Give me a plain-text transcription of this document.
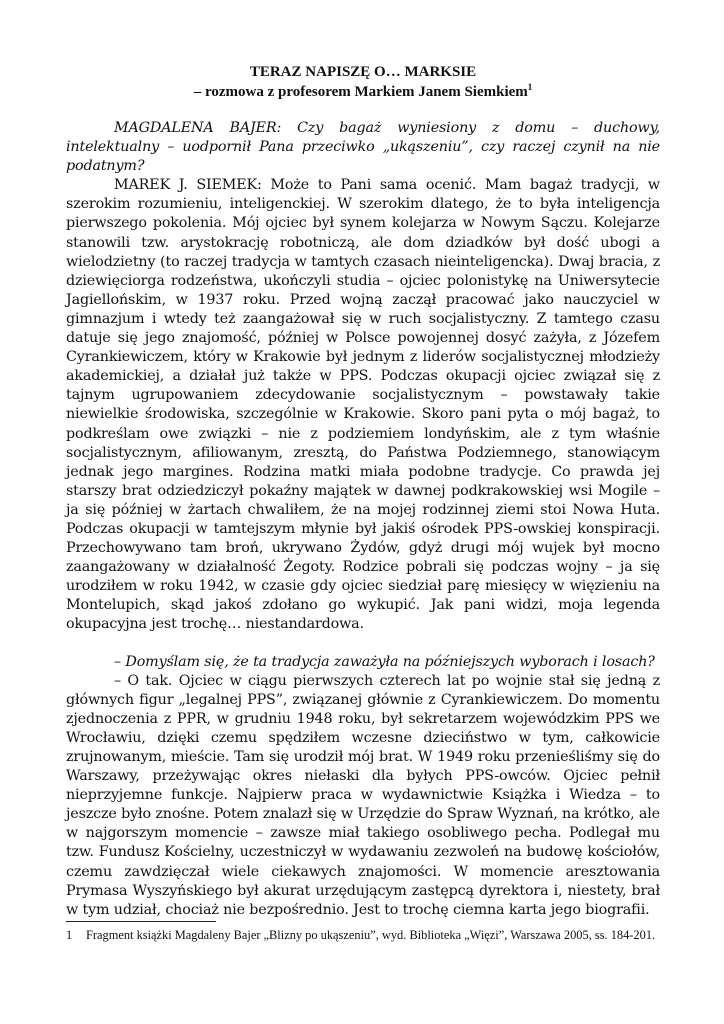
TERAZ NAPISZĘ O… MARKSIE
– rozmowa z profesorem Markiem Janem Siemkiem$^1$

MAGDALENA BAJER: Czy bagaż wyniesiony z domu – duchowy, intelektualny – uodpornił Pana przeciwko „ukąszeniu”, czy raczej czynił na nie podatnym?

MAREK J. SIEMEK: Może to Pani sama ocenić. Mam bagaż tradycji, w szerokim rozumieniu, inteligenckiej. W szerokim dlatego, że to była inteligencja pierwszego pokolenia. Mój ojciec był synem kolejarza w Nowym Sączu. Kolejarze stanowili tzw. arystokrację robotniczą, ale dom dziadków był dość ubogi a wielodzietny (to raczej tradycja w tamtych czasach nieinteligencka). Dwaj bracia, z dziewięciorga rodzeństwa, ukończyli studia – ojciec polonistykę na Uniwersytecie Jagiellońskim, w 1937 roku. Przed wojną zaczął pracować jako nauczyciel w gimnazjum i wtedy też zaangażował się w ruch socjalistyczny. Z tamtego czasu datuje się jego znajomość, później w Polsce powojennej dosyć zażyła, z Józefem Cyrankiewiczem, który w Krakowie był jednym z liderów socjalistycznej młodzieży akademickiej, a działał już także w PPS. Podczas okupacji ojciec związał się z tajnym ugrupowaniem zdecydowanie socjalistycznym – powstawały takie niewielkie środowiska, szczególnie w Krakowie. Skoro pani pyta o mój bagaż, to podkreślam owe związki – nie z podziemiem londyńskim, ale z tym właśnie socjalistycznym, afiliowanym, zresztą, do Państwa Podziemnego, stanowiącym jednak jego margines. Rodzina matki miała podobne tradycje. Co prawda jej starszy brat odziedziczył pokaźny majątek w dawnej podkrakowskiej wsi Mogile – ja się później w żartach chwaliłem, że na mojej rodzinnej ziemi stoi Nowa Huta. Podczas okupacji w tamtejszym młynie był jakiś ośrodek PPS-owskiej konspiracji. Przechowywano tam broń, ukrywano Żydów, gdyż drugi mój wujek był mocno zaangażowany w działalność Żegoty. Rodzice pobrali się podczas wojny – ja się urodziłem w roku 1942, w czasie gdy ojciec siedział parę miesięcy w więzieniu na Montelupich, skąd jakoś zdołano go wykupić. Jak pani widzi, moja legenda okupacyjna jest trochę… niestandardowa.

– Domyślam się, że ta tradycja zaważyła na późniejszych wyborach i losach?

– O tak. Ojciec w ciągu pierwszych czterech lat po wojnie stał się jedną z głównych figur „legalnej PPS”, związanej głównie z Cyrankiewiczem. Do momentu zjednoczenia z PPR, w grudniu 1948 roku, był sekretarzem wojewódzkim PPS we Wrocławiu, dzięki czemu spędziłem wczesne dzieciństwo w tym, całkowicie zrujnowanym, mieście. Tam się urodził mój brat. W 1949 roku przenieśliśmy się do Warszawy, przeżywając okres niełaski dla byłych PPS-owców. Ojciec pełnił nieprzyjemne funkcje. Najpierw praca w wydawnictwie Książka i Wiedza – to jeszcze było znośne. Potem znalazł się w Urzędzie do Spraw Wyznań, na krótko, ale w najgorszym momencie – zawsze miał takiego osobliwego pecha. Podlegał mu tzw. Fundusz Kościelny, uczestniczył w wydawaniu zezwoleń na budowę kościołów, czemu zawdzięczał wiele ciekawych znajomości. W momencie aresztowania Prymasa Wyszyńskiego był akurat urzędującym zastępcą dyrektora i, niestety, brał w tym udział, chociaż nie bezpośrednio. Jest to trochę ciemna karta jego biografii.

1	Fragment książki Magdaleny Bajer „Blizny po ukąszeniu”, wyd. Biblioteka „Więzi”, Warszawa 2005, ss. 184-201.
